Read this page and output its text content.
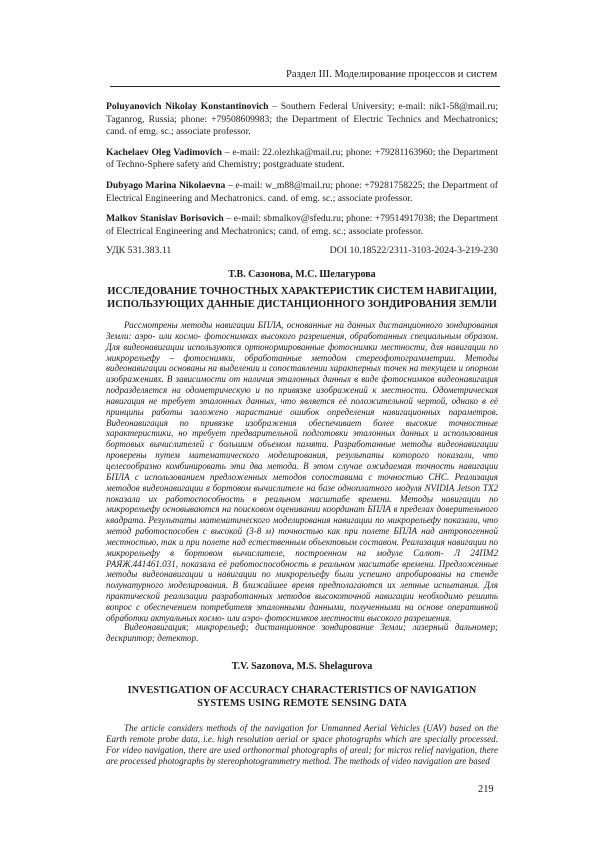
Раздел III. Моделирование процессов и систем

Poluyanovich Nikolay Konstantinovich – Southern Federal University; e-mail: nik1-58@mail.ru; Taganrog, Russia; phone: +79508609983; the Department of Electric Technics and Mechatronics; cand. of emg. sc.; associate professor.

Kachelaev Oleg Vadimovich – e-mail: 22.olezhka@mail.ru; phone: +79281163960; the Department of Techno-Sphere safety and Chemistry; postgraduate student.

Dubyago Marina Nikolaevna – e-mail: w_m88@mail.ru; phone: +79281758225; the Department of Electrical Engineering and Mechatronics. cand. of emg. sc.; associate professor.

Malkov Stanislav Borisovich – e-mail: sbmalkov@sfedu.ru; phone: +79514917038; the Department of Electrical Engineering and Mechatronics; cand. of emg. sc.; associate professor.

УДК 531.383.11	DOI 10.18522/2311-3103-2024-3-219-230
Т.В. Сазонова, М.С. Шелагурова
ИССЛЕДОВАНИЕ ТОЧНОСТНЫХ ХАРАКТЕРИСТИК СИСТЕМ НАВИГАЦИИ, ИСПОЛЬЗУЮЩИХ ДАННЫЕ ДИСТАНЦИОННОГО ЗОНДИРОВАНИЯ ЗЕМЛИ

Рассмотрены методы навигации БПЛА, основанные на данных дистанционного зондирования Земли: аэро- или космо- фотоснимках высокого разрешения, обработанных специальным образом. Для видеонавигации используются ортонормированные фотоснимки местности, для навигации по микрорельефу – фотоснимки, обработанные методом стереофотограмметрии. Методы видеонавигации основаны на выделении и сопоставлении характерных точек на текущем и опорном изображениях. В зависимости от наличия эталонных данных в виде фотоснимков видеонавигация подразделяется на одометрическую и по привязке изображений к местности. Одометрическая навигация не требует эталонных данных, что является её положительной чертой, однако в её принципы работы заложено нарастание ошибок определения навигационных параметров. Видеонавигация по привязке изображения обеспечивает более высокие точностные характеристики, но требует предварительной подготовки эталонных данных и использования бортовых вычислителей с большим объемом памяти. Разработанные методы видеонавигации проверены путем математического моделирования, результаты которого показали, что целесообразно комбинировать эти два метода. В этом случае ожидаемая точность навигации БПЛА с использованием предложенных методов сопоставима с точностью СНС. Реализация методов видеонавигации в бортовом вычислителе на базе одноплатного модуля NVIDIA Jetson TX2 показала их работоспособность в реальном масштабе времени. Методы навигации по микрорельефу основываются на поисковом оценивании координат БПЛА в пределах доверительного квадрата. Результаты математического моделирования навигации по микрорельефу показали, что метод работоспособен с высокой (3-8 м) точностью как при полете БПЛА над антропогенной местностью, так и при полете над естественным объектовым составом. Реализация навигации по микрорельефу в бортовом вычислителе, построенном на модуле Салют- Л 24ПМ2 РАЯЖ.441461.031, показала её работоспособность в реальном масштабе времени. Предложенные методы видеонавигации и навигации по микрорельефу были успешно апробированы на стенде полунатурного моделирования. В ближайшее время предполагаются их летные испытания. Для практической реализации разработанных методов высокоточной навигации необходимо решить вопрос с обеспечением потребителя эталонными данными, полученными на основе оперативной обработки актуальных космо- или аэро- фотоснимков местности высокого разрешения.

Видеонавигация; микрорельеф; дистанционное зондирование Земли; лазерный дальномер; дескриптор; детектор.
T.V. Sazonova, M.S. Shelagurova
INVESTIGATION OF ACCURACY CHARACTERISTICS OF NAVIGATION SYSTEMS USING REMOTE SENSING DATA
The article considers methods of the navigation for Unmanned Aerial Vehicles (UAV) based on the Earth remote probe data, i.e. high resolution aerial or space photographs which are specially processed. For video navigation, there are used orthonormal photographs of areal; for micros relief navigation, there are processed photographs by stereophotogrammetry method. The methods of video navigation are based
219
